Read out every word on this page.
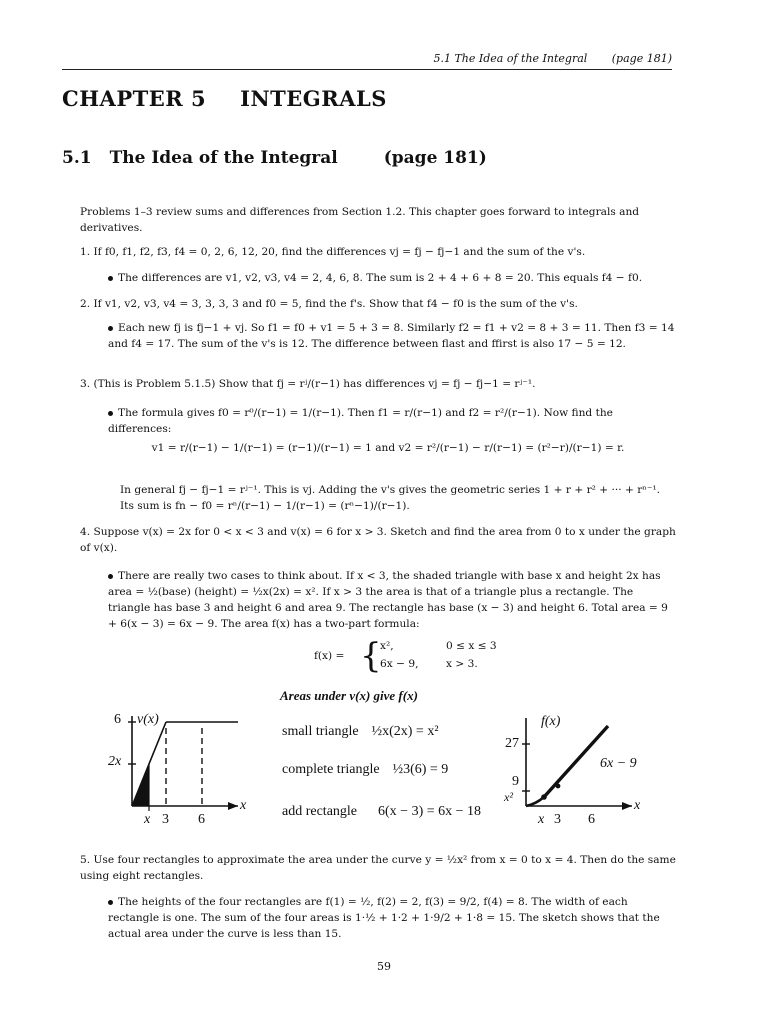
5.1 The Idea of the Integral (page 181)
CHAPTER 5 INTEGRALS
5.1 The Idea of the Integral	(page 181)
Problems 1–3 review sums and differences from Section 1.2. This chapter goes forward to integrals and derivatives.
1. If f0, f1, f2, f3, f4 = 0, 2, 6, 12, 20, find the differences vj = fj − fj−1 and the sum of the v's.
The differences are v1, v2, v3, v4 = 2, 4, 6, 8. The sum is 2 + 4 + 6 + 8 = 20. This equals f4 − f0.
2. If v1, v2, v3, v4 = 3, 3, 3, 3 and f0 = 5, find the f's. Show that f4 − f0 is the sum of the v's.
Each new fj is fj−1 + vj. So f1 = f0 + v1 = 5 + 3 = 8. Similarly f2 = f1 + v2 = 8 + 3 = 11. Then f3 = 14 and f4 = 17. The sum of the v's is 12. The difference between flast and ffirst is also 17 − 5 = 12.
3. (This is Problem 5.1.5) Show that fj = rʲ/(r−1) has differences vj = fj − fj−1 = rʲ⁻¹.
The formula gives f0 = r⁰/(r−1) = 1/(r−1). Then f1 = r/(r−1) and f2 = r²/(r−1). Now find the differences:
v1 = r/(r−1) − 1/(r−1) = (r−1)/(r−1) = 1 and v2 = r²/(r−1) − r/(r−1) = (r²−r)/(r−1) = r.
In general fj − fj−1 = rʲ⁻¹. This is vj. Adding the v's gives the geometric series 1 + r + r² + ··· + rⁿ⁻¹.
Its sum is fn − f0 = rⁿ/(r−1) − 1/(r−1) = (rⁿ−1)/(r−1).
4. Suppose v(x) = 2x for 0 < x < 3 and v(x) = 6 for x > 3. Sketch and find the area from 0 to x under the graph of v(x).
There are really two cases to think about. If x < 3, the shaded triangle with base x and height 2x has area = ½(base) (height) = ½x(2x) = x². If x > 3 the area is that of a triangle plus a rectangle. The triangle has base 3 and height 6 and area 9. The rectangle has base (x − 3) and height 6. Total area = 9 + 6(x − 3) = 6x − 9. The area f(x) has a two-part formula:
f(x) = {
x²,	0 ≤ x ≤ 3
6x − 9,	x > 3.
Areas under v(x) give f(x)
6 v(x)
2x
x
x 3 6
small triangle ½x(2x) = x²
complete triangle ½3(6) = 9
add rectangle 6(x − 3) = 6x − 18
f(x)
27
9
x²
6x − 9
x
x 3 6
5. Use four rectangles to approximate the area under the curve y = ½x² from x = 0 to x = 4. Then do the same using eight rectangles.
The heights of the four rectangles are f(1) = ½, f(2) = 2, f(3) = 9/2, f(4) = 8. The width of each rectangle is one. The sum of the four areas is 1·½ + 1·2 + 1·9/2 + 1·8 = 15. The sketch shows that the actual area under the curve is less than 15.
59
